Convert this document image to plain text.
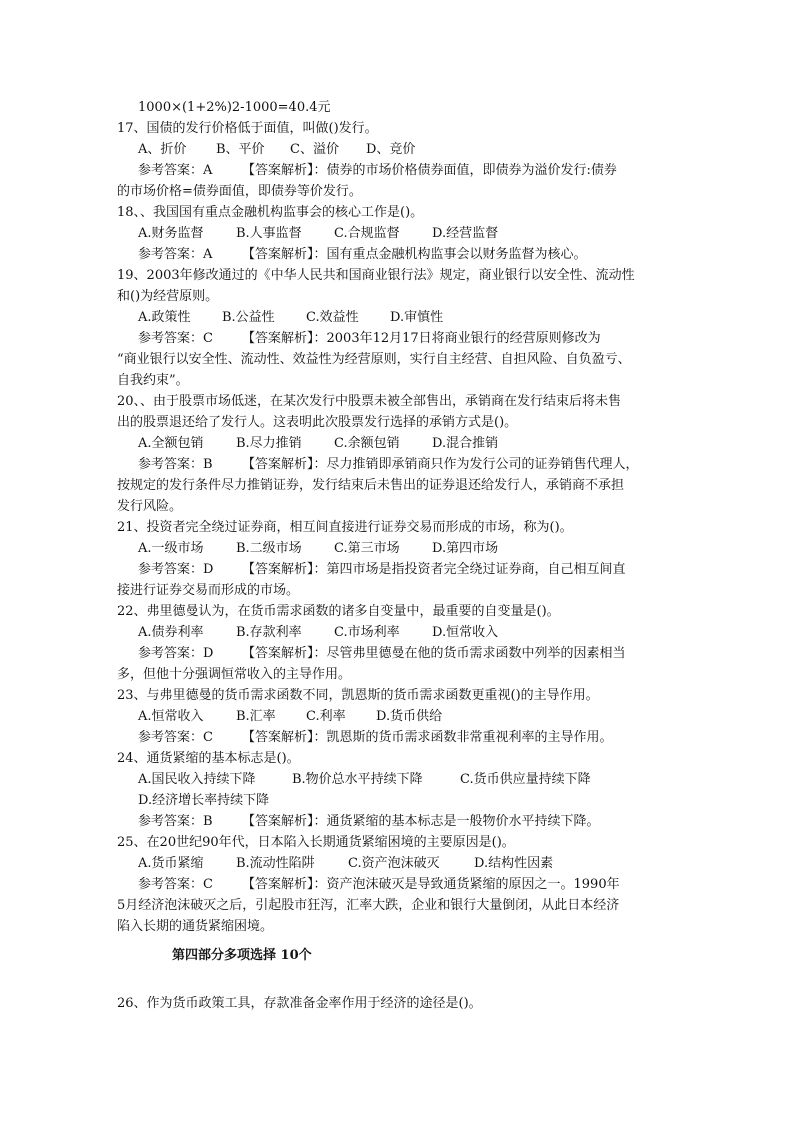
1000×(1+2%)2-1000=40.4元
17、国债的发行价格低于面值，叫做()发行。
A、折价 B、平价 C、溢价 D、竞价
参考答案：A 【答案解析】：债券的市场价格债券面值，即债券为溢价发行:债券
的市场价格=债券面值，即债券等价发行。
18、、我国国有重点金融机构监事会的核心工作是()。
A.财务监督 B.人事监督 C.合规监督 D.经营监督
参考答案：A 【答案解析】：国有重点金融机构监事会以财务监督为核心。
19、2003年修改通过的《中华人民共和国商业银行法》规定，商业银行以安全性、流动性
和()为经营原则。
A.政策性 B.公益性 C.效益性 D.审慎性
参考答案：C 【答案解析】：2003年12月17日将商业银行的经营原则修改为
“商业银行以安全性、流动性、效益性为经营原则，实行自主经营、自担风险、自负盈亏、
自我约束”。
20、、由于股票市场低迷，在某次发行中股票未被全部售出，承销商在发行结束后将未售
出的股票退还给了发行人。这表明此次股票发行选择的承销方式是()。
A.全额包销 B.尽力推销 C.余额包销 D.混合推销
参考答案：B 【答案解析】：尽力推销即承销商只作为发行公司的证券销售代理人，
按规定的发行条件尽力推销证券，发行结束后未售出的证券退还给发行人，承销商不承担
发行风险。
21、投资者完全绕过证券商，相互间直接进行证券交易而形成的市场，称为()。
A.一级市场 B.二级市场 C.第三市场 D.第四市场
参考答案：D 【答案解析】：第四市场是指投资者完全绕过证券商，自己相互间直
接进行证券交易而形成的市场。
22、弗里德曼认为，在货币需求函数的诸多自变量中，最重要的自变量是()。
A.债券利率 B.存款利率 C.市场利率 D.恒常收入
参考答案：D 【答案解析】：尽管弗里德曼在他的货币需求函数中列举的因素相当
多，但他十分强调恒常收入的主导作用。
23、与弗里德曼的货币需求函数不同，凯恩斯的货币需求函数更重视()的主导作用。
A.恒常收入 B.汇率 C.利率 D.货币供给
参考答案：C 【答案解析】：凯恩斯的货币需求函数非常重视利率的主导作用。
24、通货紧缩的基本标志是()。
A.国民收入持续下降	B.物价总水平持续下降	C.货币供应量持续下降
D.经济增长率持续下降
参考答案：B 【答案解析】：通货紧缩的基本标志是一般物价水平持续下降。
25、在20世纪90年代，日本陷入长期通货紧缩困境的主要原因是()。
A.货币紧缩 B.流动性陷阱	C.资产泡沫破灭	D.结构性因素
参考答案：C 【答案解析】：资产泡沫破灭是导致通货紧缩的原因之一。1990年
5月经济泡沫破灭之后，引起股市狂泻，汇率大跌，企业和银行大量倒闭，从此日本经济
陷入长期的通货紧缩困境。
第四部分多项选择 10个
26、作为货币政策工具，存款准备金率作用于经济的途径是()。
